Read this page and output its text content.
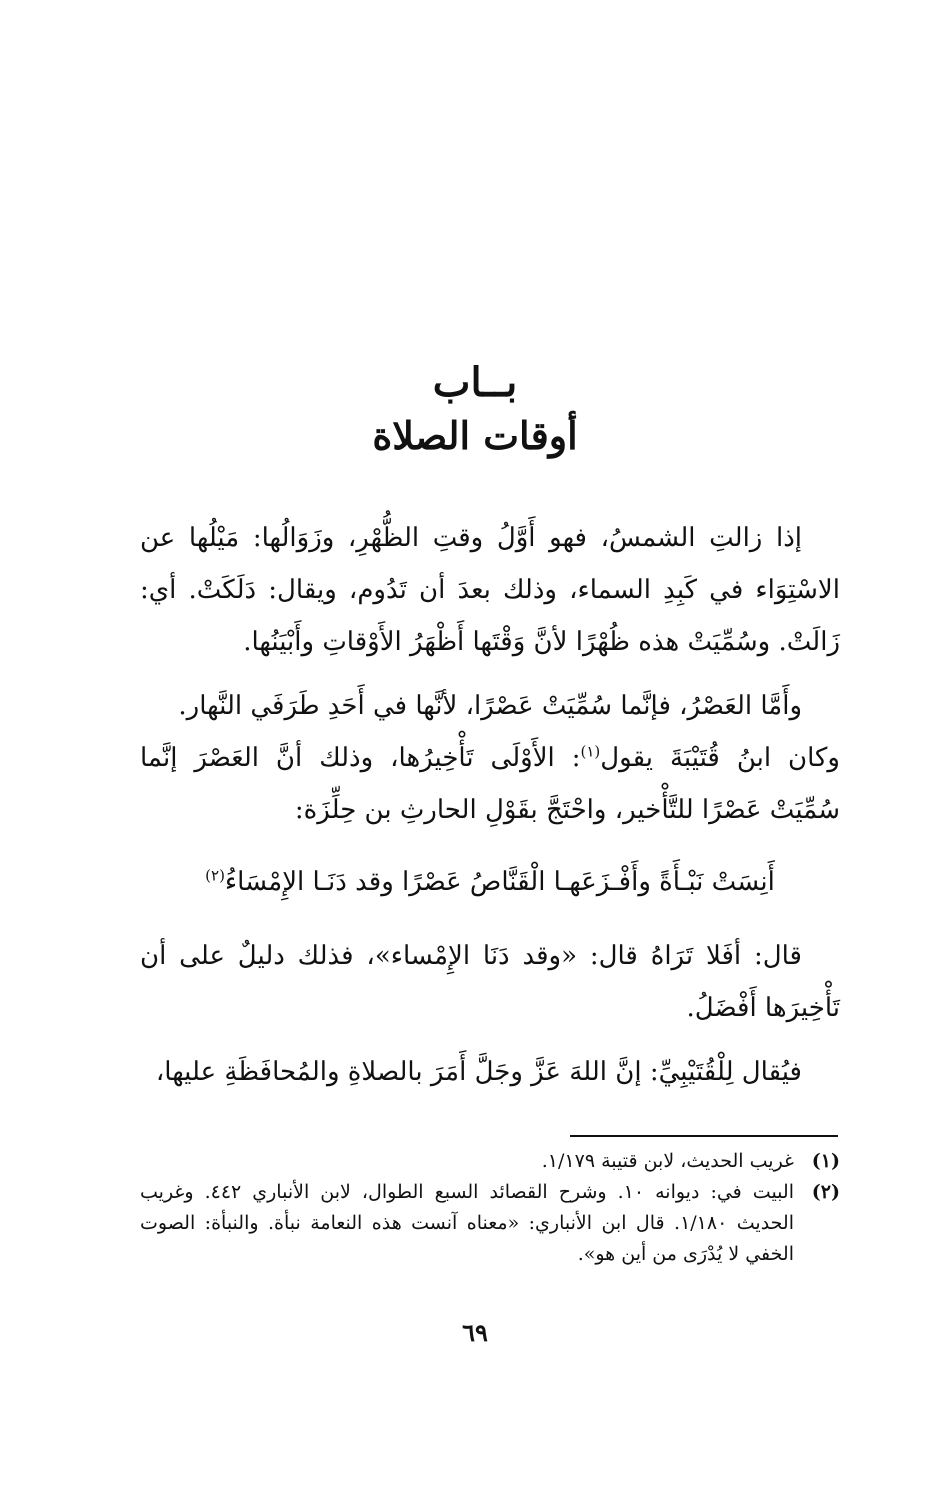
بــاب
أوقات الصلاة

إذا زالتِ الشمسُ، فهو أَوَّلُ وقتِ الظُّهْرِ، وزَوَالُها: مَيْلُها عن الاسْتِوَاء في كَبِدِ السماء، وذلك بعدَ أن تَدُوم، ويقال: دَلَكَتْ. أي: زَالَتْ. وسُمِّيَتْ هذه ظُهْرًا لأنَّ وَقْتَها أَظْهَرُ الأَوْقاتِ وأَبْيَنُها.

وأَمَّا العَصْرُ، فإنَّما سُمِّيَتْ عَصْرًا، لأنَّها في أَحَدِ طَرَفَي النَّهار.

وكان ابنُ قُتَيْبَةَ يقول$^{(١)}$: الأَوْلَى تَأْخِيرُها، وذلك أنَّ العَصْرَ إنَّما سُمِّيَتْ عَصْرًا للتَّأْخير، واحْتَجَّ بقَوْلِ الحارثِ بن حِلِّزَة:

أَنِسَتْ نَبْـأَةً وأَفْـزَعَهـا الْقَنَّاصُ عَصْرًا وقد دَنَـا الإِمْسَاءُ$^{(٢)}$

قال: أفَلا تَرَاهُ قال: «وقد دَنَا الإِمْساء»، فذلك دليلٌ على أن تَأْخِيرَها أَفْضَلُ.

فيُقال لِلْقُتَيْبِيِّ: إنَّ اللهَ عَزَّ وجَلَّ أَمَرَ بالصلاةِ والمُحافَظَةِ عليها،

(١)
غريب الحديث، لابن قتيبة ١/١٧٩.
(٢)
البيت في: ديوانه ١٠. وشرح القصائد السبع الطوال، لابن الأنباري ٤٤٢. وغريب الحديث ١/١٨٠. قال ابن الأنباري: «معناه آنست هذه النعامة نبأة. والنبأة: الصوت الخفي لا يُدْرَى من أين هو».
٦٩
